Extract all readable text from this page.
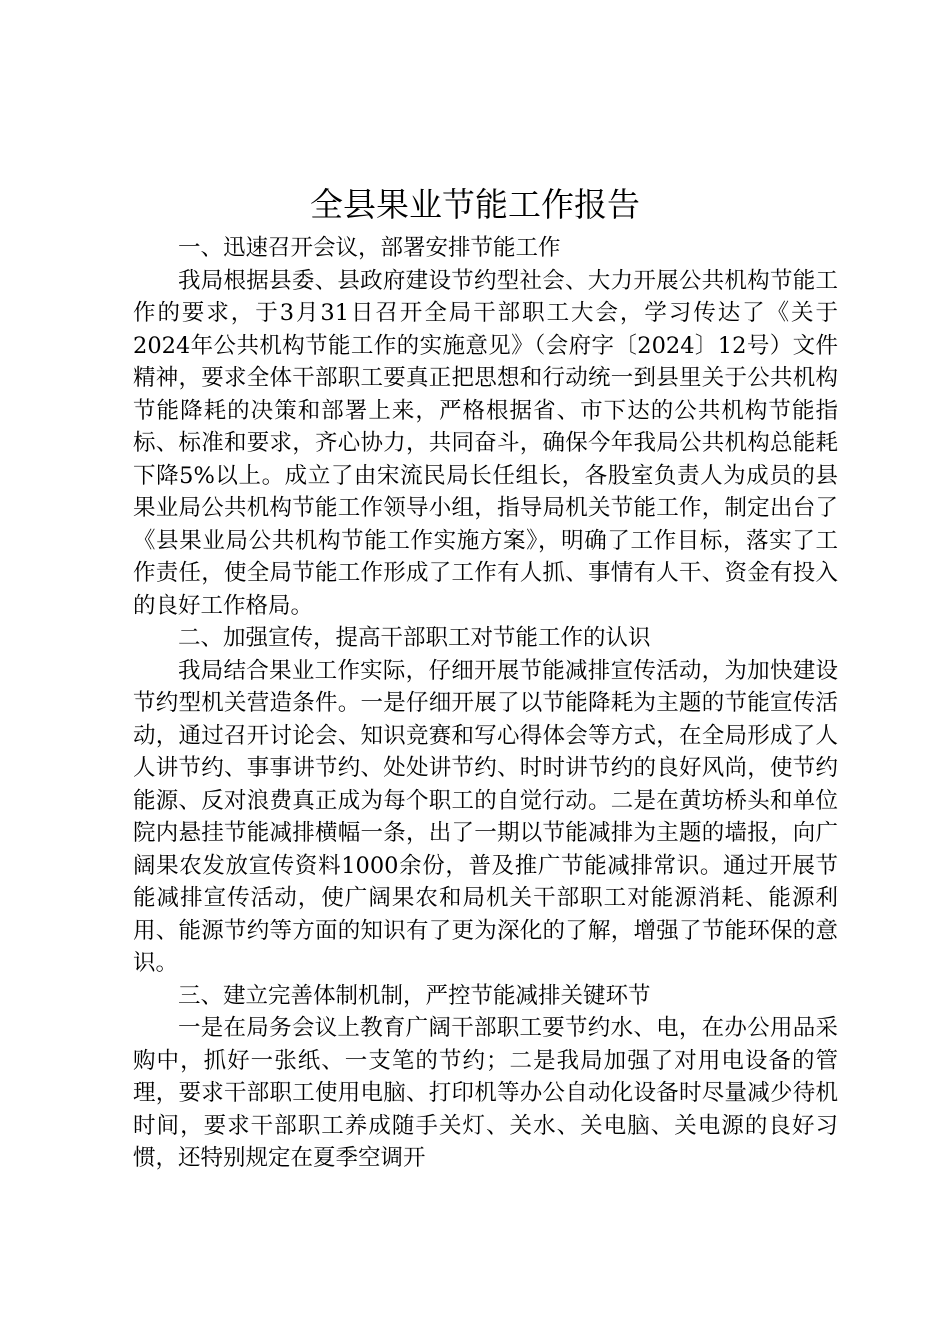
全县果业节能工作报告

一、迅速召开会议，部署安排节能工作

我局根据县委、县政府建设节约型社会、大力开展公共机构节能工作的要求，于3月31日召开全局干部职工大会，学习传达了《关于2024年公共机构节能工作的实施意见》（会府字〔2024〕12号）文件精神，要求全体干部职工要真正把思想和行动统一到县里关于公共机构节能降耗的决策和部署上来，严格根据省、市下达的公共机构节能指标、标准和要求，齐心协力，共同奋斗，确保今年我局公共机构总能耗下降5%以上。成立了由宋流民局长任组长，各股室负责人为成员的县果业局公共机构节能工作领导小组，指导局机关节能工作，制定出台了《县果业局公共机构节能工作实施方案》，明确了工作目标，落实了工作责任，使全局节能工作形成了工作有人抓、事情有人干、资金有投入的良好工作格局。

二、加强宣传，提高干部职工对节能工作的认识

我局结合果业工作实际，仔细开展节能减排宣传活动，为加快建设节约型机关营造条件。一是仔细开展了以节能降耗为主题的节能宣传活动，通过召开讨论会、知识竞赛和写心得体会等方式，在全局形成了人人讲节约、事事讲节约、处处讲节约、时时讲节约的良好风尚，使节约能源、反对浪费真正成为每个职工的自觉行动。二是在黄坊桥头和单位院内悬挂节能减排横幅一条，出了一期以节能减排为主题的墙报，向广阔果农发放宣传资料1000余份，普及推广节能减排常识。通过开展节能减排宣传活动，使广阔果农和局机关干部职工对能源消耗、能源利用、能源节约等方面的知识有了更为深化的了解，增强了节能环保的意识。

三、建立完善体制机制，严控节能减排关键环节

一是在局务会议上教育广阔干部职工要节约水、电，在办公用品采购中，抓好一张纸、一支笔的节约；二是我局加强了对用电设备的管理，要求干部职工使用电脑、打印机等办公自动化设备时尽量减少待机时间，要求干部职工养成随手关灯、关水、关电脑、关电源的良好习惯，还特别规定在夏季空调开
